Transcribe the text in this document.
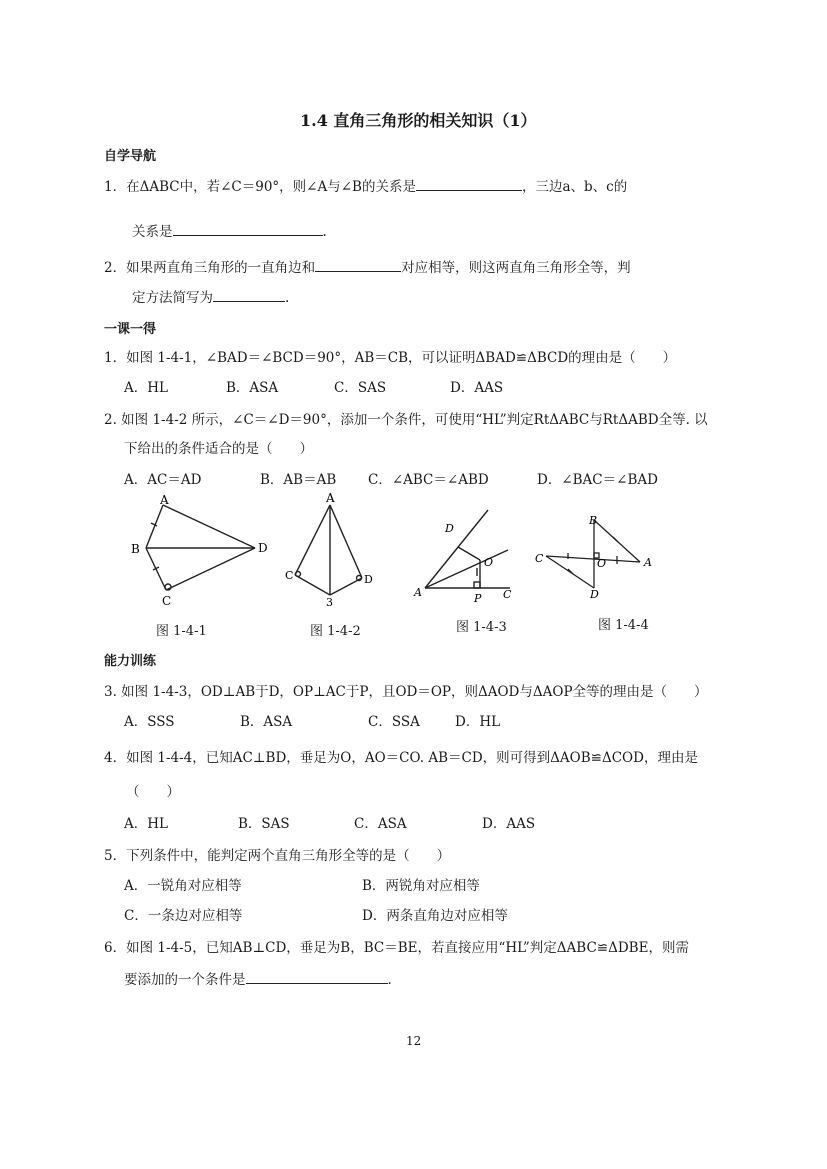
1.4 直角三角形的相关知识（1）
自学导航
1．在ΔABC中，若∠C＝90°，则∠A与∠B的关系是	，三边a、b、c的
关系是	.
2．如果两直角三角形的一直角边和	对应相等，则这两直角三角形全等，判
定方法简写为	.
一课一得
1．如图 1-4-1，∠BAD＝∠BCD＝90°，AB＝CB，可以证明ΔBAD≌ΔBCD的理由是（　　）
A．HL	B．ASA	C．SAS	D．AAS
2. 如图 1-4-2 所示，∠C＝∠D＝90°，添加一个条件，可使用“HL”判定RtΔABC与RtΔABD全等. 以
下给出的条件适合的是（　　）
A．AC＝AD	B．AB＝AB C．∠ABC＝∠ABD	D．∠BAC＝∠BAD
A
B
C
D
A
C	D
3
D
O
A	P C
B
C	O	A
D
图 1-4-1	图 1-4-2	图 1-4-3	图 1-4-4
能力训练
3. 如图 1-4-3，OD⊥AB于D，OP⊥AC于P，且OD＝OP，则ΔAOD与ΔAOP全等的理由是（　　）
A．SSS	B．ASA	C．SSA	D．HL
4．如图 1-4-4，已知AC⊥BD，垂足为O，AO＝CO. AB＝CD，则可得到ΔAOB≌ΔCOD，理由是
（　　）
A．HL	B．SAS	C．ASA	D．AAS
5．下列条件中，能判定两个直角三角形全等的是（　　）
A．一锐角对应相等	B．两锐角对应相等
C．一条边对应相等	D．两条直角边对应相等
6．如图 1-4-5，已知AB⊥CD，垂足为B，BC＝BE，若直接应用“HL”判定ΔABC≌ΔDBE，则需
要添加的一个条件是	.
12
